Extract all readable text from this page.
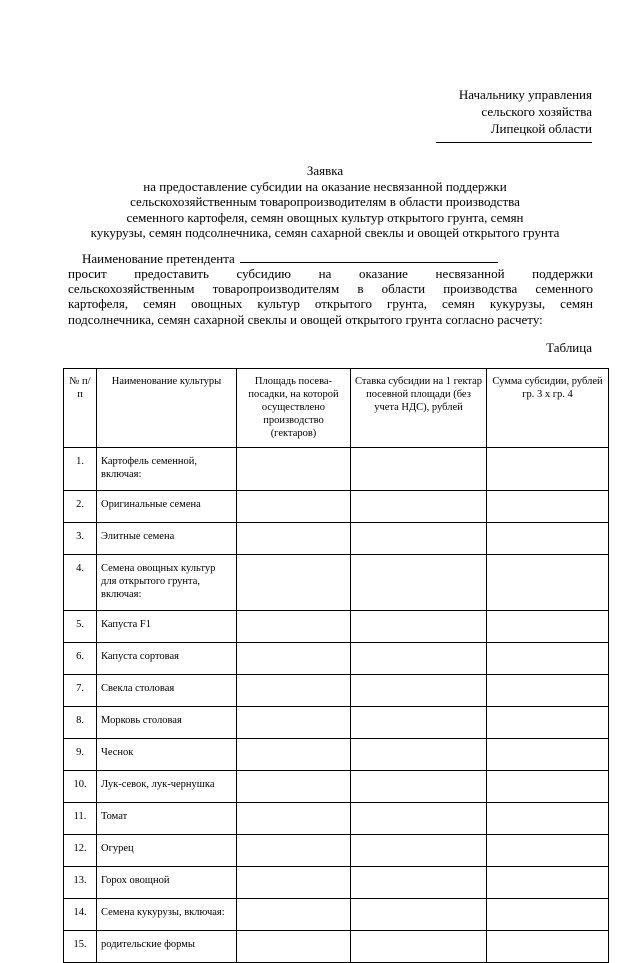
Начальнику управления
сельского хозяйства
Липецкой области
Заявка
на предоставление субсидии на оказание несвязанной поддержки
сельскохозяйственным товаропроизводителям в области производства
семенного картофеля, семян овощных культур открытого грунта, семян
кукурузы, семян подсолнечника, семян сахарной свеклы и овощей открытого грунта
Наименование претендента
просит предоставить субсидию на оказание несвязанной поддержки
сельскохозяйственным товаропроизводителям в области производства семенного
картофеля, семян овощных культур открытого грунта, семян кукурузы, семян
подсолнечника, семян сахарной свеклы и овощей открытого грунта согласно расчету:
Таблица
№ п/п	Наименование культуры	Площадь посева-посадки, на которой осуществлено производство (гектаров)	Ставка субсидии на 1 гектар посевной площади (без учета НДС), рублей	Сумма субсидии, рублей гр. 3 х гр. 4
1.	Картофель семенной, включая:			
2.	Оригинальные семена			
3.	Элитные семена			
4.	Семена овощных культур для открытого грунта, включая:			
5.	Капуста F1			
6.	Капуста сортовая			
7.	Свекла столовая			
8.	Морковь столовая			
9.	Чеснок			
10.	Лук-севок, лук-чернушка			
11.	Томат			
12.	Огурец			
13.	Горох овощной			
14.	Семена кукурузы, включая:			
15.	родительские формы			
